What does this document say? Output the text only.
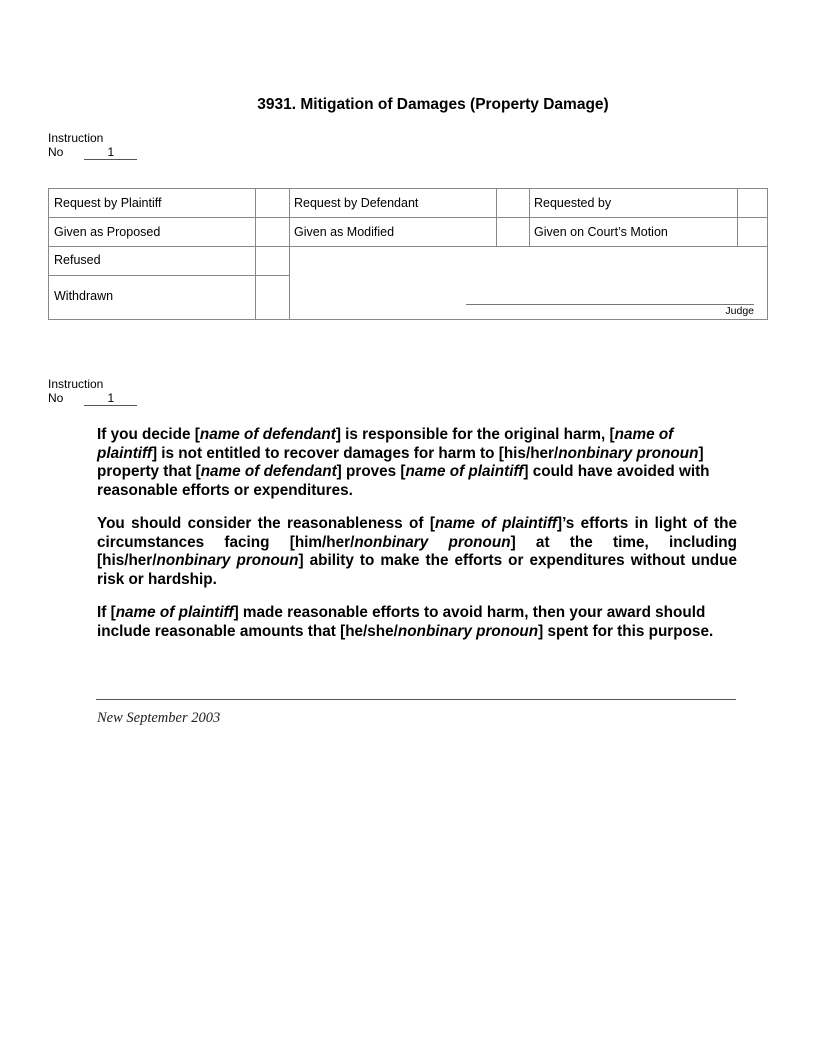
3931. Mitigation of Damages (Property Damage)
Instruction
No	1
Request by Plaintiff	Request by Defendant	Requested by
Given as Proposed	Given as Modified	Given on Court’s Motion
Refused
Withdrawn
Judge
Instruction
No	1

If you decide [name of defendant] is responsible for the original harm, [name of plaintiff] is not entitled to recover damages for harm to [his/her/nonbinary pronoun] property that [name of defendant] proves [name of plaintiff] could have avoided with reasonable efforts or expenditures.

You should consider the reasonableness of [name of plaintiff]’s efforts in light of the circumstances facing [him/her/nonbinary pronoun] at the time, including [his/her/nonbinary pronoun] ability to make the efforts or expenditures without undue risk or hardship.

If [name of plaintiff] made reasonable efforts to avoid harm, then your award should include reasonable amounts that [he/she/nonbinary pronoun] spent for this purpose.

New September 2003
